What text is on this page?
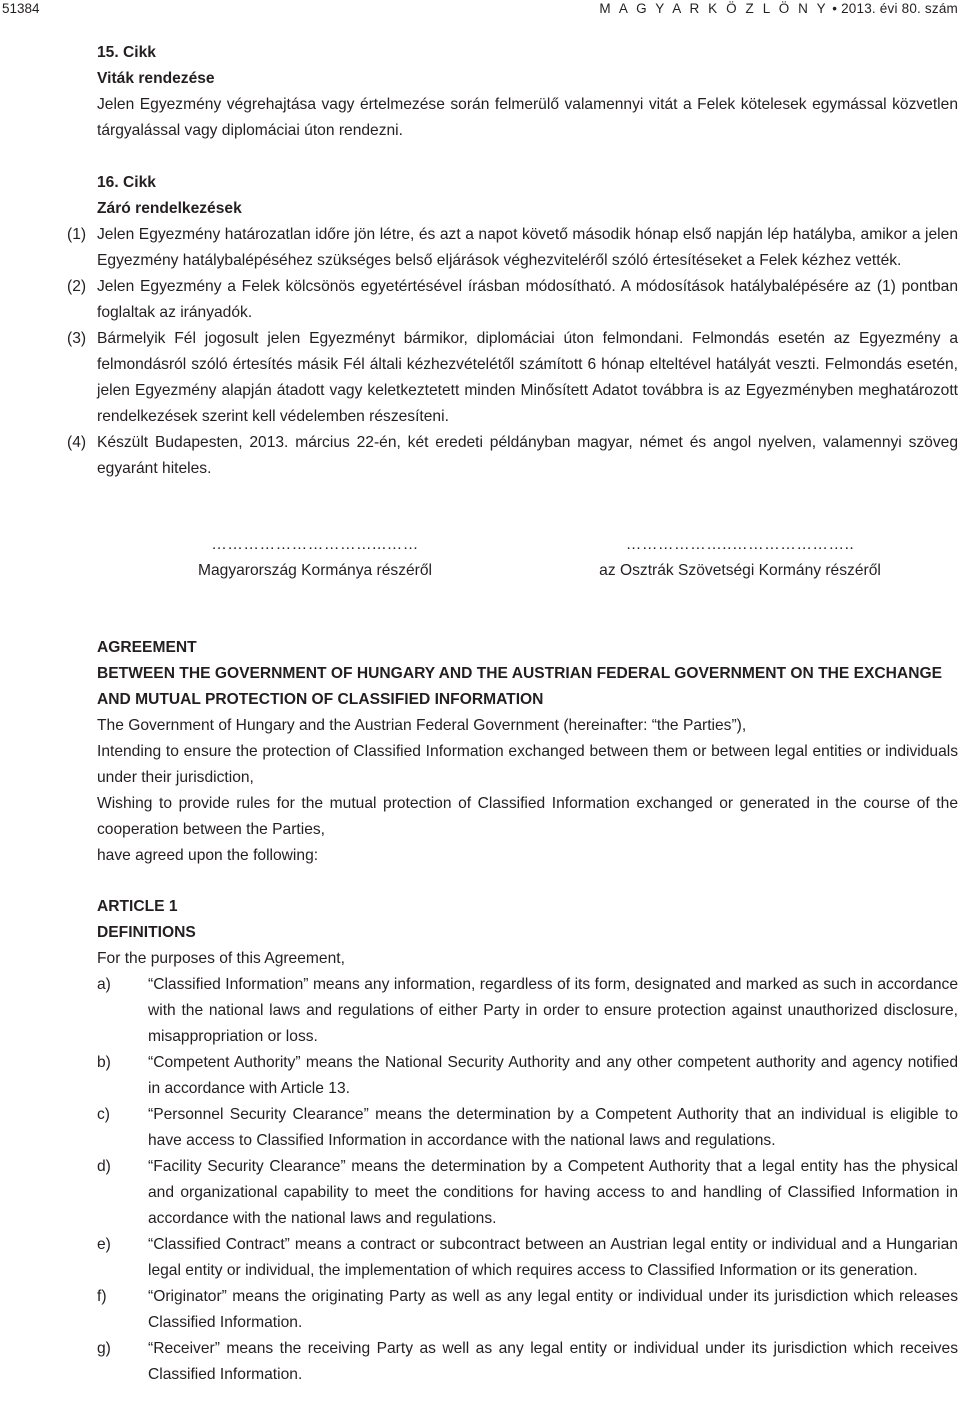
51384	M A G Y A R K Ö Z L Ö N Y • 2013. évi 80. szám
15. Cikk
Viták rendezése
Jelen Egyezmény végrehajtása vagy értelmezése során felmerülő valamennyi vitát a Felek kötelesek egymással közvetlen tárgyalással vagy diplomáciai úton rendezni.
16. Cikk
Záró rendelkezések
(1) Jelen Egyezmény határozatlan időre jön létre, és azt a napot követő második hónap első napján lép hatályba, amikor a jelen Egyezmény hatálybalépéséhez szükséges belső eljárások véghezviteléről szóló értesítéseket a Felek kézhez vették.
(2) Jelen Egyezmény a Felek kölcsönös egyetértésével írásban módosítható. A módosítások hatálybalépésére az (1) pontban foglaltak az irányadók.
(3) Bármelyik Fél jogosult jelen Egyezményt bármikor, diplomáciai úton felmondani. Felmondás esetén az Egyezmény a felmondásról szóló értesítés másik Fél általi kézhezvételétől számított 6 hónap elteltével hatályát veszti. Felmondás esetén, jelen Egyezmény alapján átadott vagy keletkeztetett minden Minősített Adatot továbbra is az Egyezményben meghatározott rendelkezések szerint kell védelemben részesíteni.
(4) Készült Budapesten, 2013. március 22-én, két eredeti példányban magyar, német és angol nyelven, valamennyi szöveg egyaránt hiteles.
…………………………...……
Magyarország Kormánya részéről
………………..…………………..
az Osztrák Szövetségi Kormány részéről
AGREEMENT
BETWEEN THE GOVERNMENT OF HUNGARY AND THE AUSTRIAN FEDERAL GOVERNMENT ON THE EXCHANGE AND MUTUAL PROTECTION OF CLASSIFIED INFORMATION
The Government of Hungary and the Austrian Federal Government (hereinafter: “the Parties”),
Intending to ensure the protection of Classified Information exchanged between them or between legal entities or individuals under their jurisdiction,
Wishing to provide rules for the mutual protection of Classified Information exchanged or generated in the course of the cooperation between the Parties,
have agreed upon the following:
ARTICLE 1
DEFINITIONS
For the purposes of this Agreement,
a) “Classified Information” means any information, regardless of its form, designated and marked as such in accordance with the national laws and regulations of either Party in order to ensure protection against unauthorized disclosure, misappropriation or loss.
b) “Competent Authority” means the National Security Authority and any other competent authority and agency notified in accordance with Article 13.
c) “Personnel Security Clearance” means the determination by a Competent Authority that an individual is eligible to have access to Classified Information in accordance with the national laws and regulations.
d) “Facility Security Clearance” means the determination by a Competent Authority that a legal entity has the physical and organizational capability to meet the conditions for having access to and handling of Classified Information in accordance with the national laws and regulations.
e) “Classified Contract” means a contract or subcontract between an Austrian legal entity or individual and a Hungarian legal entity or individual, the implementation of which requires access to Classified Information or its generation.
f)	“Originator” means the originating Party as well as any legal entity or individual under its jurisdiction which releases Classified Information.
g) “Receiver” means the receiving Party as well as any legal entity or individual under its jurisdiction which receives Classified Information.
